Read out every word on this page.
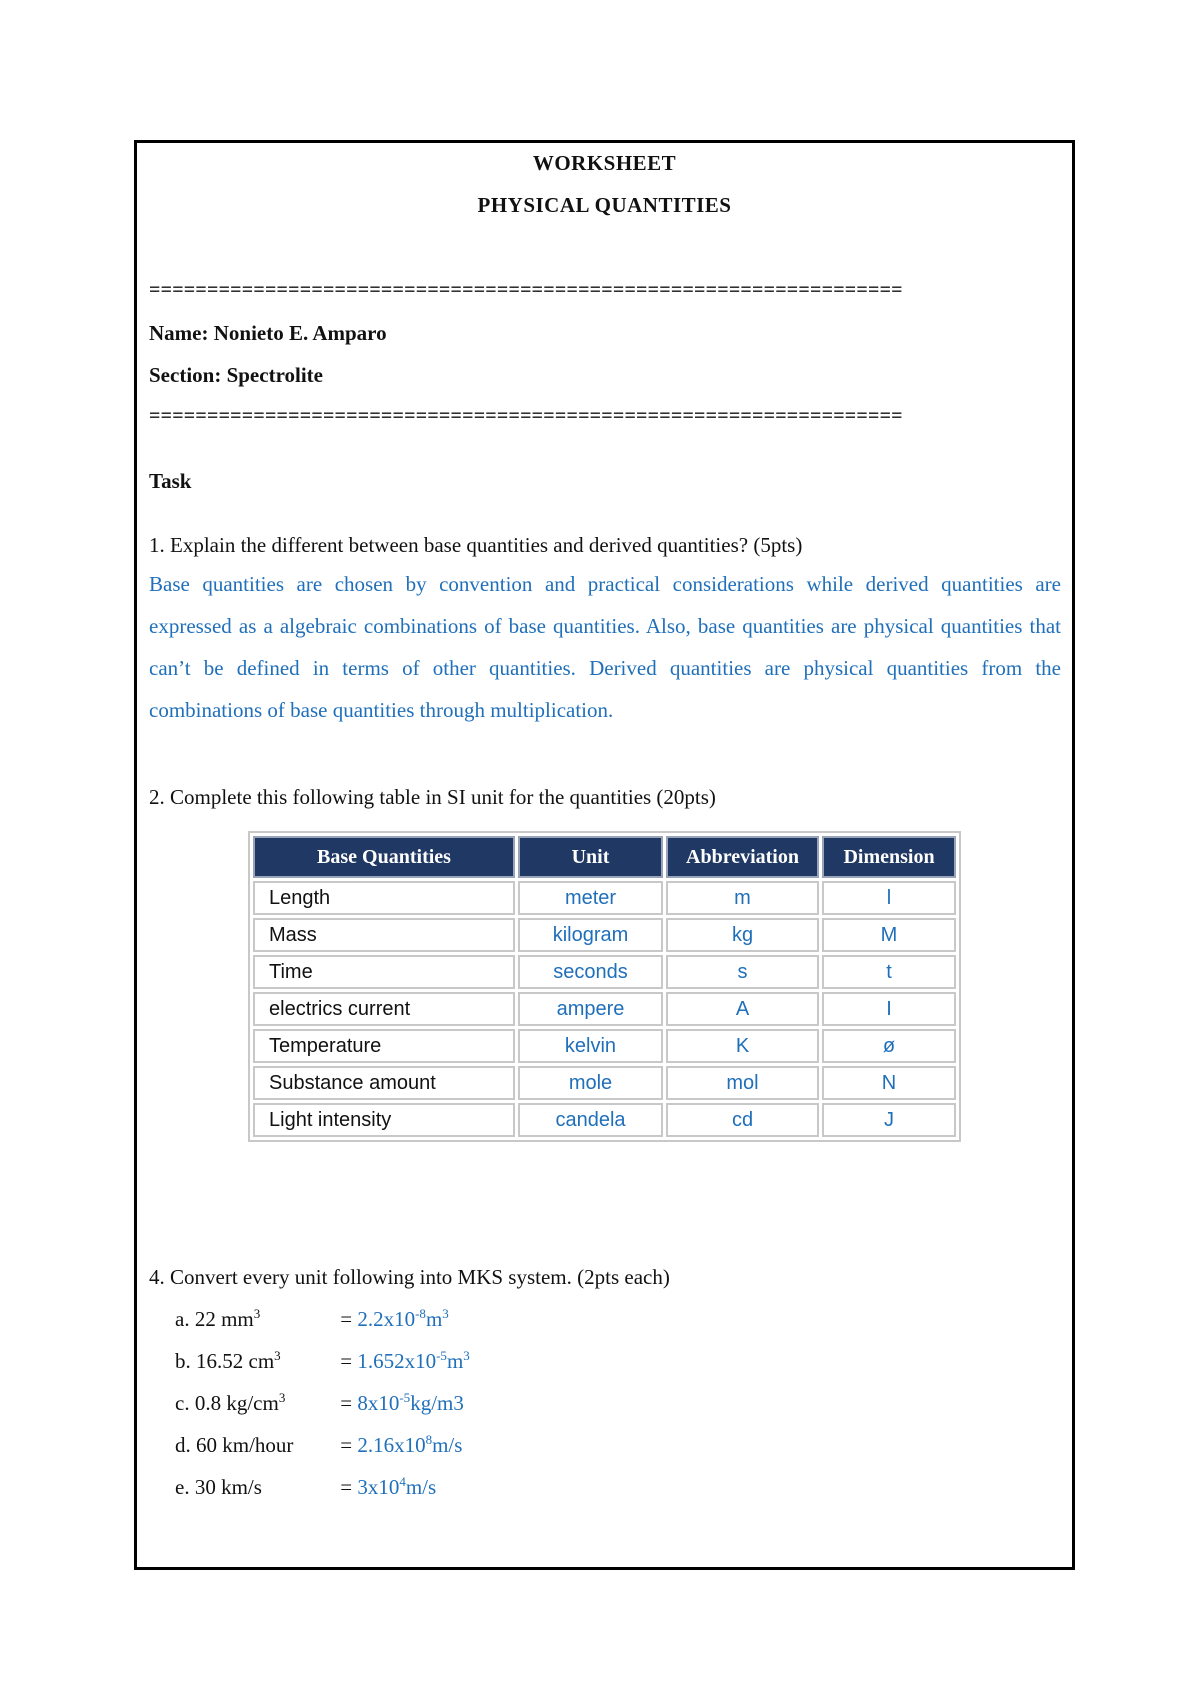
WORKSHEET
PHYSICAL QUANTITIES
=================================================================
Name: Nonieto E. Amparo
Section: Spectrolite
=================================================================
Task
1. Explain the different between base quantities and derived quantities? (5pts)
Base quantities are chosen by convention and practical considerations while derived quantities are expressed as a algebraic combinations of base quantities. Also, base quantities are physical quantities that can’t be defined in terms of other quantities. Derived quantities are physical quantities from the combinations of base quantities through multiplication.
2. Complete this following table in SI unit for the quantities (20pts)
Base Quantities	Unit	Abbreviation	Dimension
Length	meter	m	l
Mass	kilogram	kg	M
Time	seconds	s	t
electrics current	ampere	A	I
Temperature	kelvin	K	ø
Substance amount	mole	mol	N
Light intensity	candela	cd	J
4. Convert every unit following into MKS system. (2pts each)
a. 22 $mm^3$	= $2.2x10^{-8}m^3$
b. 16.52 $cm^3$	= $1.652x10^{-5}m^3$
c. 0.8 $kg/cm^3$	= $8x10^{-5}kg/m3$
d. 60 km/hour = $2.16x10^8m/s$
e. 30 km/s	= $3x10^4m/s$
